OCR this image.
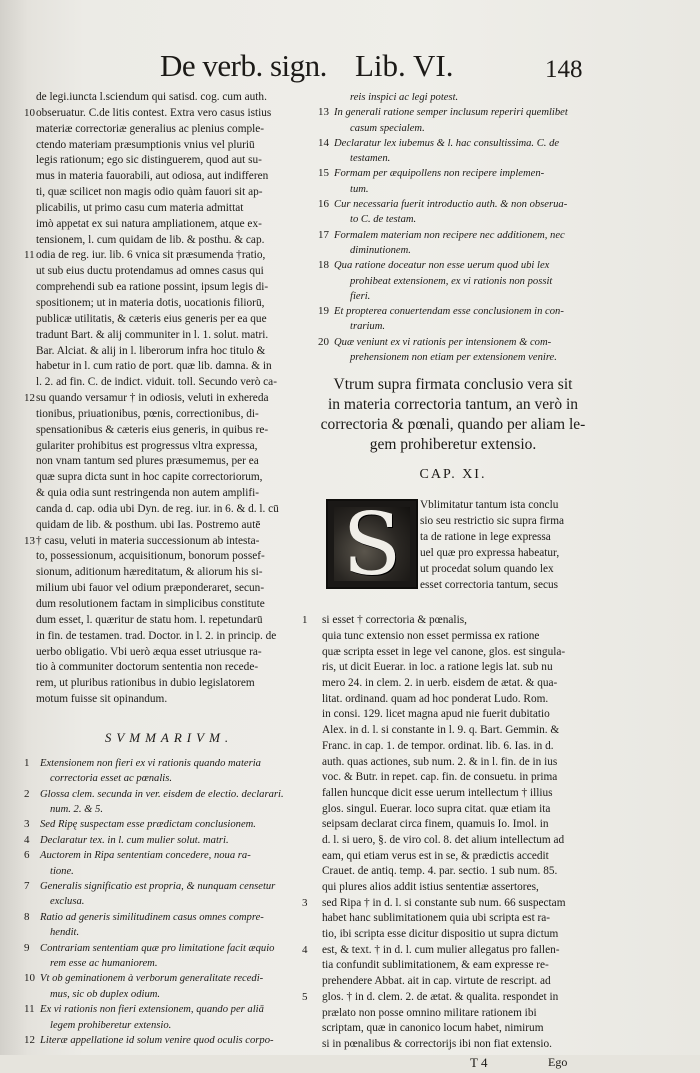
De verb. sign. Lib. VI.	148
de legi.iuncta l.sciendum qui satisd. cog. cum auth.
10 obseruatur. C.de litis contest. Extra vero casus istius
materiæ correctoriæ generalius ac plenius comple-
ctendo materiam præsumptionis vnius vel pluriū
legis rationum; ego sic distinguerem, quod aut su-
mus in materia fauorabili, aut odiosa, aut indifferen
ti, quæ scilicet non magis odio quàm fauori sit ap-
plicabilis, ut primo casu cum materia admittat
imò appetat ex sui natura ampliationem, atque ex-
tensionem, l. cum quidam de lib. & posthu. & cap.
11 odia de reg. iur. lib. 6 vnica sit præsumenda †ratio,
ut sub eius ductu protendamus ad omnes casus qui
comprehendi sub ea ratione possint, ipsum legis di-
spositionem; ut in materia dotis, uocationis filiorū,
publicæ utilitatis, & cæteris eius generis per ea que
tradunt Bart. & alij communiter in l. 1. solut. matri.
Bar. Alciat. & alij in l. liberorum infra hoc titulo &
habetur in l. cum ratio de port. quæ lib. damna. & in
l. 2. ad fin. C. de indict. viduit. toll. Secundo verò ca-
12 su quando versamur † in odiosis, veluti in exhereda
tionibus, priuationibus, pœnis, correctionibus, di-
spensationibus & cæteris eius generis, in quibus re-
gulariter prohibitus est progressus vltra expressa,
non vnam tantum sed plures præsumemus, per ea
quæ supra dicta sunt in hoc capite correctoriorum,
& quia odia sunt restringenda non autem amplifi-
canda d. cap. odia ubi Dyn. de reg. iur. in 6. & d. l. cū
quidam de lib. & posthum. ubi Ias. Postremo autē
13 † casu, veluti in materia successionum ab intesta-
to, possessionum, acquisitionum, bonorum possef-
sionum, aditionum hæreditatum, & aliorum his si-
milium ubi fauor vel odium præponderaret, secun-
dum resolutionem factam in simplicibus constitute
dum esset, l. quæritur de statu hom. l. repetundarū
in fin. de testamen. trad. Doctor. in l. 2. in princip. de
uerbo obligatio. Vbi uerò æqua esset utriusque ra-
tio à communiter doctorum sententia non recede-
rem, ut pluribus rationibus in dubio legislatorem
motum fuisse sit opinandum.
SVMMARIVM.
1 Extensionem non fieri ex vi rationis quando materia
correctoria esset ac pœnalis.
2 Glossa clem. secunda in ver. eisdem de electio. declarari.
num. 2. & 5.
3 Sed Ripę suspectam esse prædictam conclusionem.
4 Declaratur tex. in l. cum mulier solut. matri.
6 Auctorem in Ripa sententiam concedere, noua ra-
tione.
7 Generalis significatio est propria, & nunquam censetur
exclusa.
8 Ratio ad generis similitudinem casus omnes compre-
hendit.
9 Contrariam sententiam quæ pro limitatione facit æquio
rem esse ac humaniorem.
10 Vt ob geminationem à verborum generalitate recedi-
mus, sic ob duplex odium.
11 Ex vi rationis non fieri extensionem, quando per aliā
legem prohiberetur extensio.
12 Literæ appellatione id solum venire quod oculis corpo-
reis inspici ac legi potest.
13 In generali ratione semper inclusum reperiri quemlibet
casum specialem.
14 Declaratur lex iubemus & l. hac consultissima. C. de
testamen.
15 Formam per æquipollens non recipere implemen-
tum.
16 Cur necessaria fuerit introductio auth. & non obserua-
to C. de testam.
17 Formalem materiam non recipere nec additionem, nec
diminutionem.
18 Qua ratione doceatur non esse uerum quod ubi lex
prohibeat extensionem, ex vi rationis non possit
fieri.
19 Et propterea conuertendam esse conclusionem in con-
trarium.
20 Quæ veniunt ex vi rationis per intensionem & com-
prehensionem non etiam per extensionem venire.
Vtrum supra firmata conclusio vera sit
in materia correctoria tantum, an verò in
correctoria & pœnali, quando per aliam le-
gem prohiberetur extensio.
CAP. XI.
S	Vblimitatur tantum ista conclu
sio seu restrictio sic supra firma
ta de ratione in lege expressa
uel quæ pro expressa habeatur,
ut procedat solum quando lex
esset correctoria tantum, secus
1 si esset † correctoria & pœnalis,
quia tunc extensio non esset permissa ex ratione
quæ scripta esset in lege vel canone, glos. est singula-
ris, ut dicit Euerar. in loc. a ratione legis lat. sub nu
mero 24. in clem. 2. in uerb. eisdem de ætat. & qua-
litat. ordinand. quam ad hoc ponderat Ludo. Rom.
in consi. 129. licet magna apud nie fuerit dubitatio
Alex. in d. l. si constante in l. 9. q. Bart. Gemmin. &
Franc. in cap. 1. de tempor. ordinat. lib. 6. Ias. in d.
auth. quas actiones, sub num. 2. & in l. fin. de in ius
voc. & Butr. in repet. cap. fin. de consuetu. in prima
fallen huncque dicit esse uerum intellectum † illius
glos. singul. Euerar. loco supra citat. quæ etiam ita
seipsam declarat circa finem, quamuis Io. Imol. in
d. l. si uero, §. de viro col. 8. det alium intellectum ad
eam, qui etiam verus est in se, & prædictis accedit
Crauet. de antiq. temp. 4. par. sectio. 1 sub num. 85.
qui plures alios addit istius sententiæ assertores,
3 sed Ripa † in d. l. si constante sub num. 66 suspectam
habet hanc sublimitationem quia ubi scripta est ra-
tio, ibi scripta esse dicitur dispositio ut supra dictum
4 est, & text. † in d. l. cum mulier allegatus pro fallen-
tia confundit sublimitationem, & eam expresse re-
prehendere Abbat. ait in cap. virtute de rescript. ad
5 glos. † in d. clem. 2. de ætat. & qualita. respondet in
prælato non posse omnino militare rationem ibi
scriptam, quæ in canonico locum habet, nimirum
si in pœnalibus & correctorijs ibi non fiat extensio.
T 4	Ego
